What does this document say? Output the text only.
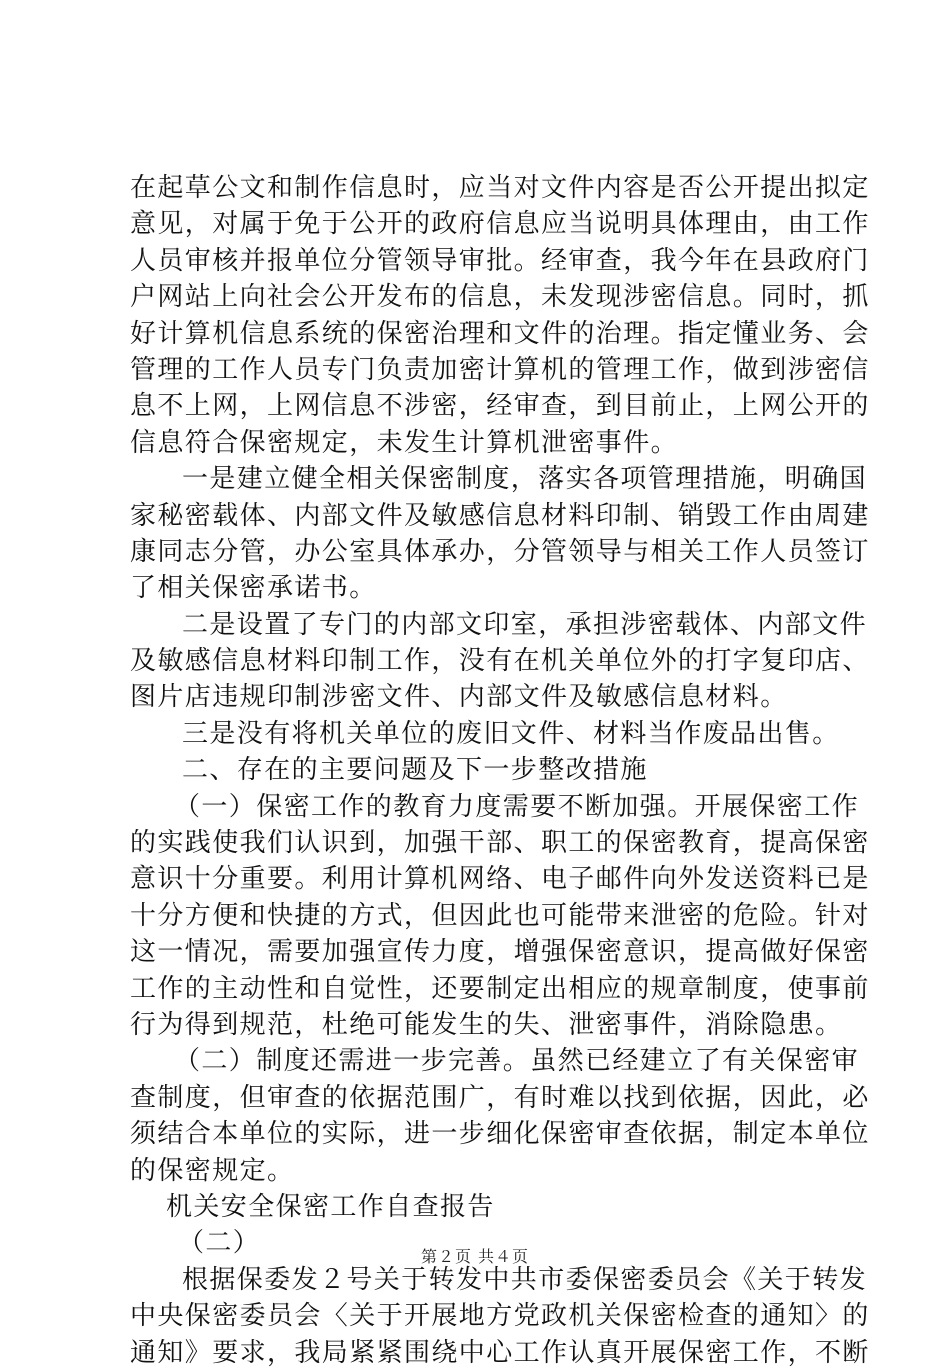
在起草公文和制作信息时，应当对文件内容是否公开提出拟定
意见，对属于免于公开的政府信息应当说明具体理由，由工作
人员审核并报单位分管领导审批。经审查，我今年在县政府门
户网站上向社会公开发布的信息，未发现涉密信息。同时，抓
好计算机信息系统的保密治理和文件的治理。指定懂业务、会
管理的工作人员专门负责加密计算机的管理工作，做到涉密信
息不上网，上网信息不涉密，经审查，到目前止，上网公开的
信息符合保密规定，未发生计算机泄密事件。
一是建立健全相关保密制度，落实各项管理措施，明确国
家秘密载体、内部文件及敏感信息材料印制、销毁工作由周建
康同志分管，办公室具体承办，分管领导与相关工作人员签订
了相关保密承诺书。
二是设置了专门的内部文印室，承担涉密载体、内部文件
及敏感信息材料印制工作，没有在机关单位外的打字复印店、
图片店违规印制涉密文件、内部文件及敏感信息材料。
三是没有将机关单位的废旧文件、材料当作废品出售。
二、存在的主要问题及下一步整改措施
（一）保密工作的教育力度需要不断加强。开展保密工作
的实践使我们认识到，加强干部、职工的保密教育，提高保密
意识十分重要。利用计算机网络、电子邮件向外发送资料已是
十分方便和快捷的方式，但因此也可能带来泄密的危险。针对
这一情况，需要加强宣传力度，增强保密意识，提高做好保密
工作的主动性和自觉性，还要制定出相应的规章制度，使事前
行为得到规范，杜绝可能发生的失、泄密事件，消除隐患。
（二）制度还需进一步完善。虽然已经建立了有关保密审
查制度，但审查的依据范围广，有时难以找到依据，因此，必
须结合本单位的实际，进一步细化保密审查依据，制定本单位
的保密规定。
机关安全保密工作自查报告
（二）
根据保委发２号关于转发中共市委保密委员会《关于转发
中央保密委员会〈关于开展地方党政机关保密检查的通知〉的
通知》要求，我局紧紧围绕中心工作认真开展保密工作，不断
第２页 共４页
